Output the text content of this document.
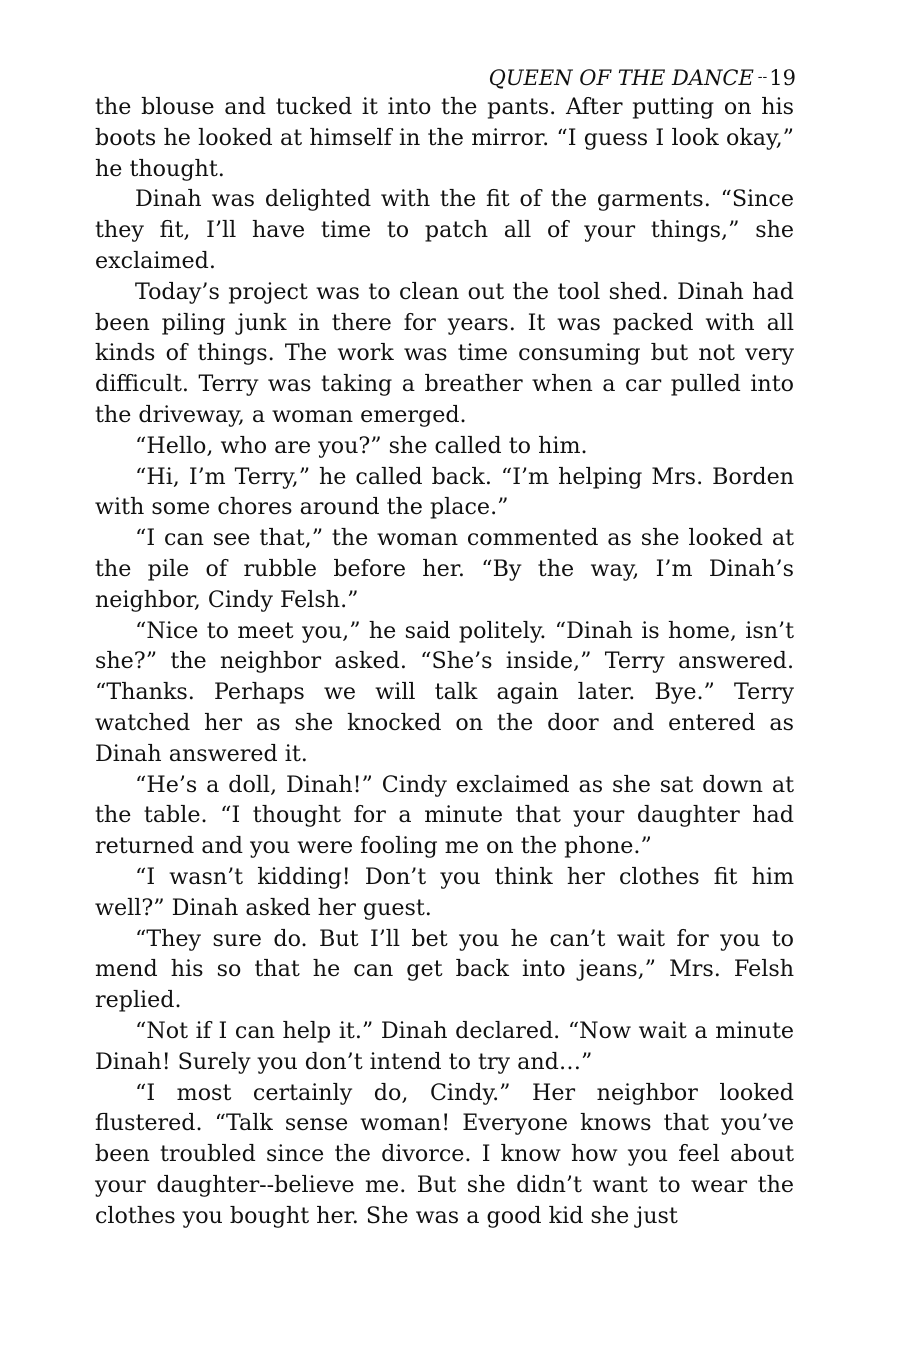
QUEEN OF THE DANCE --19

the blouse and tucked it into the pants. After putting on his boots he looked at himself in the mirror. “I guess I look okay,” he thought.

Dinah was delighted with the fit of the garments. “Since they fit, I’ll have time to patch all of your things,” she exclaimed.

Today’s project was to clean out the tool shed. Dinah had been piling junk in there for years. It was packed with all kinds of things. The work was time consuming but not very difficult. Terry was taking a breather when a car pulled into the driveway, a woman emerged.

“Hello, who are you?” she called to him.

“Hi, I’m Terry,” he called back. “I’m helping Mrs. Borden with some chores around the place.”

“I can see that,” the woman commented as she looked at the pile of rubble before her. “By the way, I’m Dinah’s neighbor, Cindy Felsh.”

“Nice to meet you,” he said politely. “Dinah is home, isn’t she?” the neighbor asked. “She’s inside,” Terry answered. “Thanks. Perhaps we will talk again later. Bye.” Terry watched her as she knocked on the door and entered as Dinah answered it.

“He’s a doll, Dinah!” Cindy exclaimed as she sat down at the table. “I thought for a minute that your daughter had returned and you were fooling me on the phone.”

“I wasn’t kidding! Don’t you think her clothes fit him well?” Dinah asked her guest.

“They sure do. But I’ll bet you he can’t wait for you to mend his so that he can get back into jeans,” Mrs. Felsh replied.

“Not if I can help it.” Dinah declared. “Now wait a minute Dinah! Surely you don’t intend to try and…”

“I most certainly do, Cindy.” Her neighbor looked flustered. “Talk sense woman! Everyone knows that you’ve been troubled since the divorce. I know how you feel about your daughter--believe me. But she didn’t want to wear the clothes you bought her. She was a good kid she just
